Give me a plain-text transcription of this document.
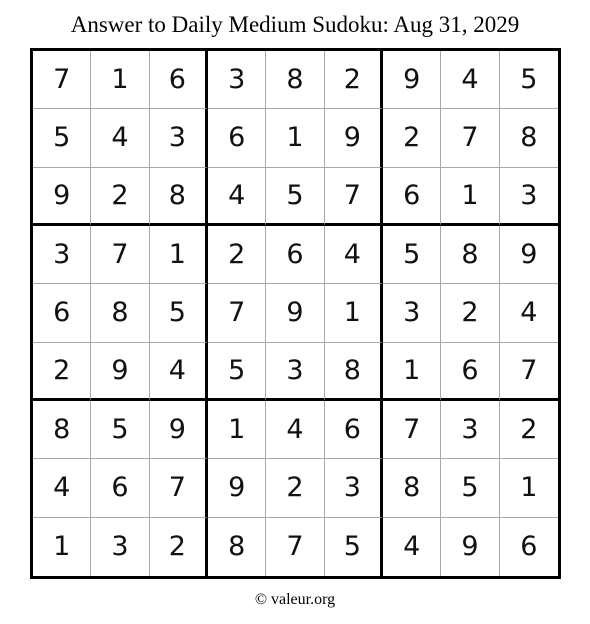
Answer to Daily Medium Sudoku: Aug 31, 2029
7	1	6	3	8	2	9	4	5
5	4	3	6	1	9	2	7	8
9	2	8	4	5	7	6	1	3
3	7	1	2	6	4	5	8	9
6	8	5	7	9	1	3	2	4
2	9	4	5	3	8	1	6	7
8	5	9	1	4	6	7	3	2
4	6	7	9	2	3	8	5	1
1	3	2	8	7	5	4	9	6
© valeur.org
